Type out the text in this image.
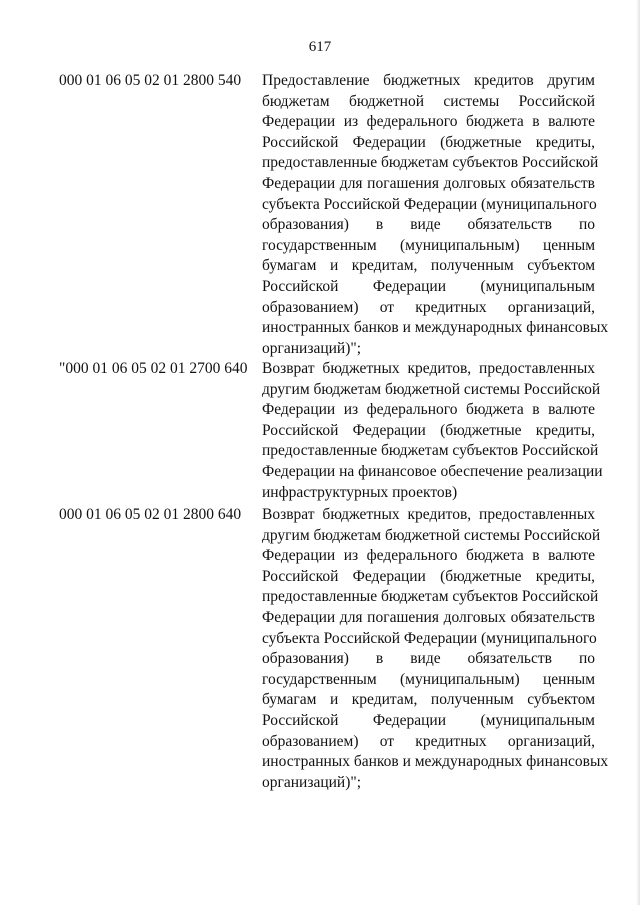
617
000 01 06 05 02 01 2800 540	Предоставление бюджетных кредитов другим
бюджетам бюджетной системы Российской
Федерации из федерального бюджета в валюте
Российской Федерации (бюджетные кредиты,
предоставленные бюджетам субъектов Российской
Федерации для погашения долговых обязательств
субъекта Российской Федерации (муниципального
образования) в виде обязательств по
государственным (муниципальным) ценным
бумагам и кредитам, полученным субъектом
Российской Федерации (муниципальным
образованием) от кредитных организаций,
иностранных банков и международных финансовых
организаций)";
"000 01 06 05 02 01 2700 640 Возврат бюджетных кредитов, предоставленных
другим бюджетам бюджетной системы Российской
Федерации из федерального бюджета в валюте
Российской Федерации (бюджетные кредиты,
предоставленные бюджетам субъектов Российской
Федерации на финансовое обеспечение реализации
инфраструктурных проектов)
000 01 06 05 02 01 2800 640	Возврат бюджетных кредитов, предоставленных
другим бюджетам бюджетной системы Российской
Федерации из федерального бюджета в валюте
Российской Федерации (бюджетные кредиты,
предоставленные бюджетам субъектов Российской
Федерации для погашения долговых обязательств
субъекта Российской Федерации (муниципального
образования) в виде обязательств по
государственным (муниципальным) ценным
бумагам и кредитам, полученным субъектом
Российской Федерации (муниципальным
образованием) от кредитных организаций,
иностранных банков и международных финансовых
организаций)";
